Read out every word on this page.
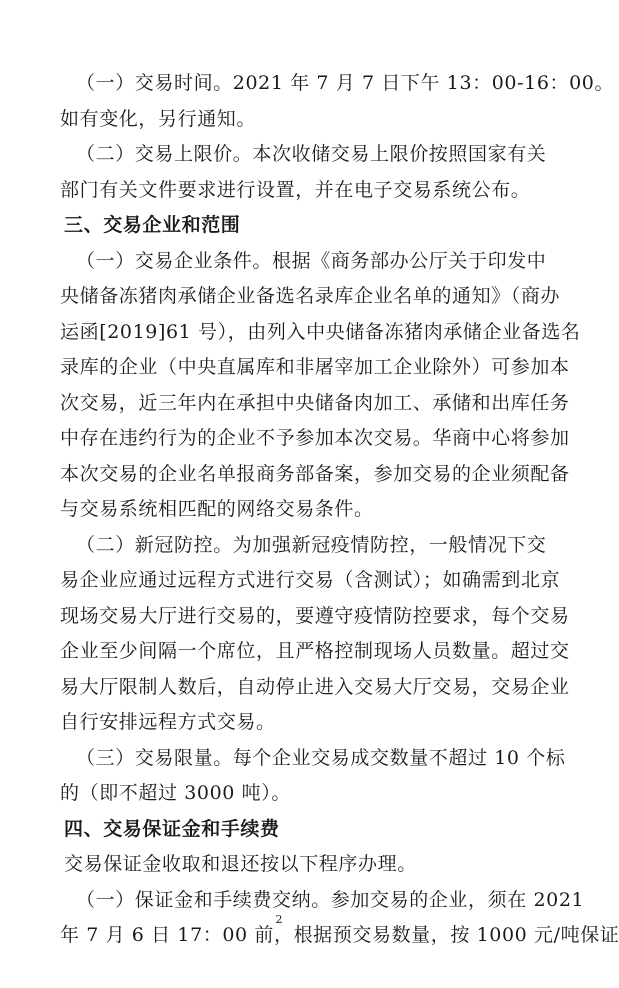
（一）交易时间。2021 年 7 月 7 日下午 13：00-16：00。
如有变化，另行通知。
（二）交易上限价。本次收储交易上限价按照国家有关
部门有关文件要求进行设置，并在电子交易系统公布。
三、交易企业和范围
（一）交易企业条件。根据《商务部办公厅关于印发中
央储备冻猪肉承储企业备选名录库企业名单的通知》（商办
运函[2019]61 号），由列入中央储备冻猪肉承储企业备选名
录库的企业（中央直属库和非屠宰加工企业除外）可参加本
次交易，近三年内在承担中央储备肉加工、承储和出库任务
中存在违约行为的企业不予参加本次交易。华商中心将参加
本次交易的企业名单报商务部备案，参加交易的企业须配备
与交易系统相匹配的网络交易条件。
（二）新冠防控。为加强新冠疫情防控，一般情况下交
易企业应通过远程方式进行交易（含测试）；如确需到北京
现场交易大厅进行交易的，要遵守疫情防控要求，每个交易
企业至少间隔一个席位，且严格控制现场人员数量。超过交
易大厅限制人数后，自动停止进入交易大厅交易，交易企业
自行安排远程方式交易。
（三）交易限量。每个企业交易成交数量不超过 10 个标
的（即不超过 3000 吨）。
四、交易保证金和手续费
交易保证金收取和退还按以下程序办理。
（一）保证金和手续费交纳。参加交易的企业，须在 2021
年 7 月 6 日 17：00 前，根据预交易数量，按 1000 元/吨保证
2
